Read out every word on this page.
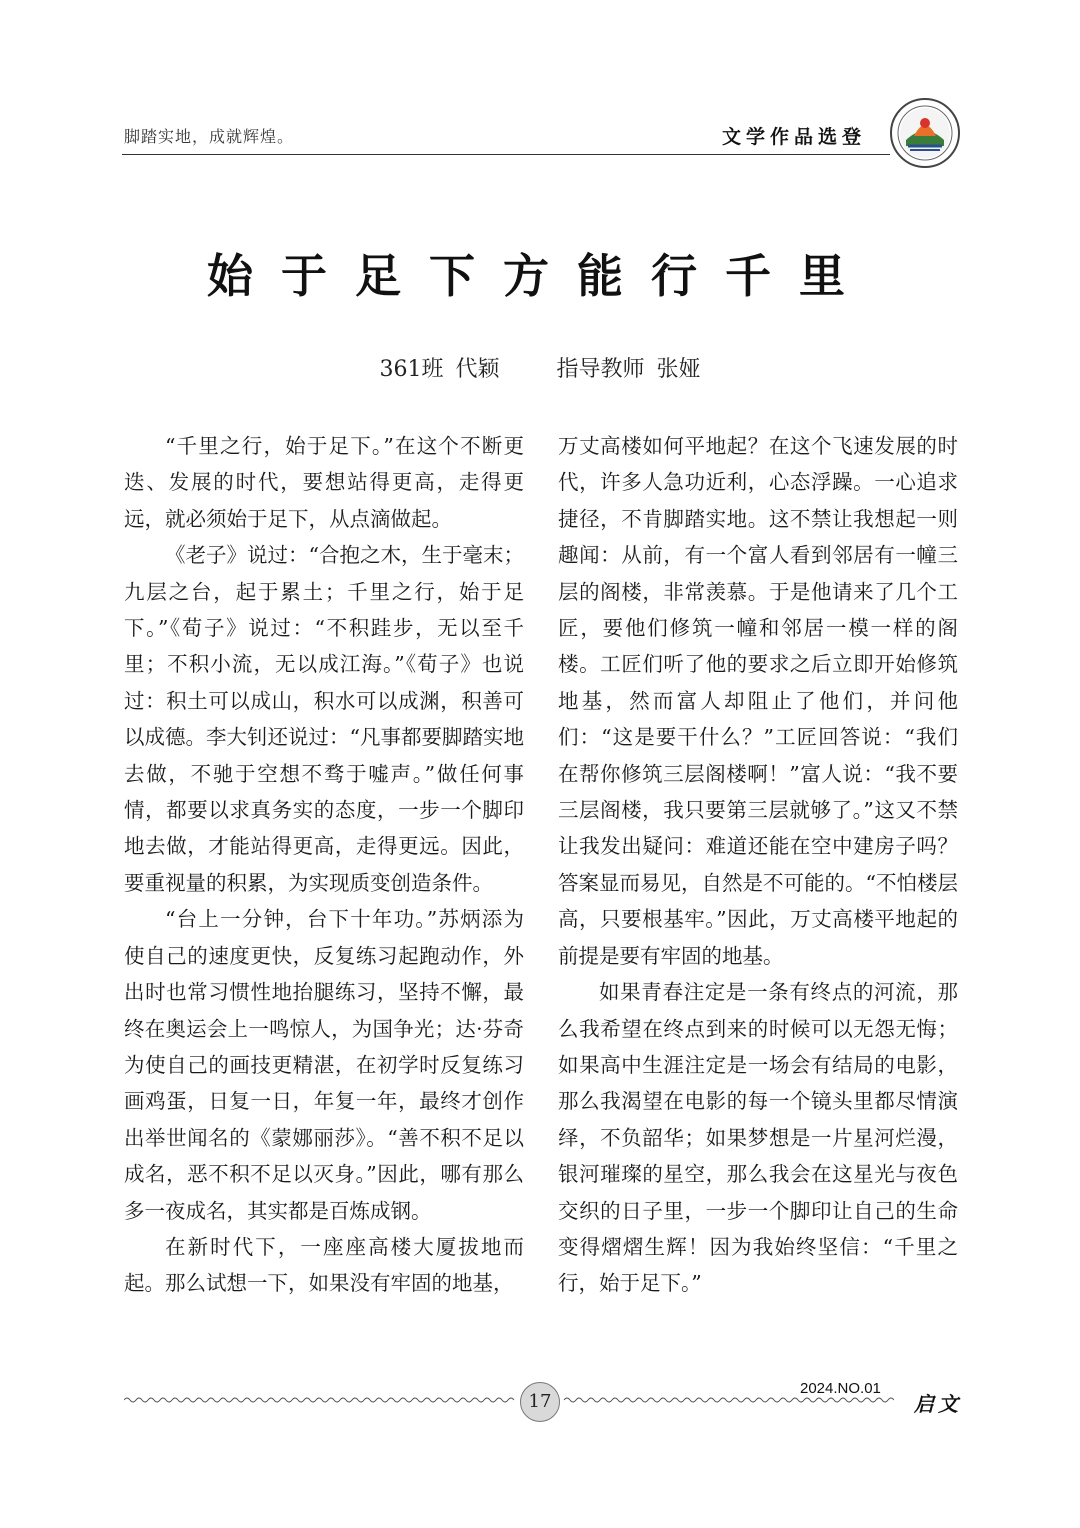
脚踏实地，成就辉煌。	文学作品选登
始于足下方能行千里
361班 代颖	指导教师 张娅

“千里之行，始于足下。”在这个不断更迭、发展的时代，要想站得更高，走得更远，就必须始于足下，从点滴做起。

《老子》说过：“合抱之木，生于毫末；九层之台，起于累土；千里之行，始于足下。”《荀子》说过：“不积跬步，无以至千里；不积小流，无以成江海。”《荀子》也说过：积土可以成山，积水可以成渊，积善可以成德。李大钊还说过：“凡事都要脚踏实地去做，不驰于空想不骛于嘘声。”做任何事情，都要以求真务实的态度，一步一个脚印地去做，才能站得更高，走得更远。因此，要重视量的积累，为实现质变创造条件。

“台上一分钟，台下十年功。”苏炳添为使自己的速度更快，反复练习起跑动作，外出时也常习惯性地抬腿练习，坚持不懈，最终在奥运会上一鸣惊人，为国争光；达·芬奇为使自己的画技更精湛，在初学时反复练习画鸡蛋，日复一日，年复一年，最终才创作出举世闻名的《蒙娜丽莎》。“善不积不足以成名，恶不积不足以灭身。”因此，哪有那么多一夜成名，其实都是百炼成钢。

在新时代下，一座座高楼大厦拔地而起。那么试想一下，如果没有牢固的地基，

万丈高楼如何平地起？在这个飞速发展的时代，许多人急功近利，心态浮躁。一心追求捷径，不肯脚踏实地。这不禁让我想起一则趣闻：从前，有一个富人看到邻居有一幢三层的阁楼，非常羡慕。于是他请来了几个工匠，要他们修筑一幢和邻居一模一样的阁楼。工匠们听了他的要求之后立即开始修筑地基，然而富人却阻止了他们，并问他们：“这是要干什么？”工匠回答说：“我们在帮你修筑三层阁楼啊！”富人说：“我不要三层阁楼，我只要第三层就够了。”这又不禁让我发出疑问：难道还能在空中建房子吗？答案显而易见，自然是不可能的。“不怕楼层高，只要根基牢。”因此，万丈高楼平地起的前提是要有牢固的地基。

如果青春注定是一条有终点的河流，那么我希望在终点到来的时候可以无怨无悔；如果高中生涯注定是一场会有结局的电影，那么我渴望在电影的每一个镜头里都尽情演绎，不负韶华；如果梦想是一片星河烂漫，银河璀璨的星空，那么我会在这星光与夜色交织的日子里，一步一个脚印让自己的生命变得熠熠生辉！因为我始终坚信：“千里之行，始于足下。”

17
2024.NO.01
启文
